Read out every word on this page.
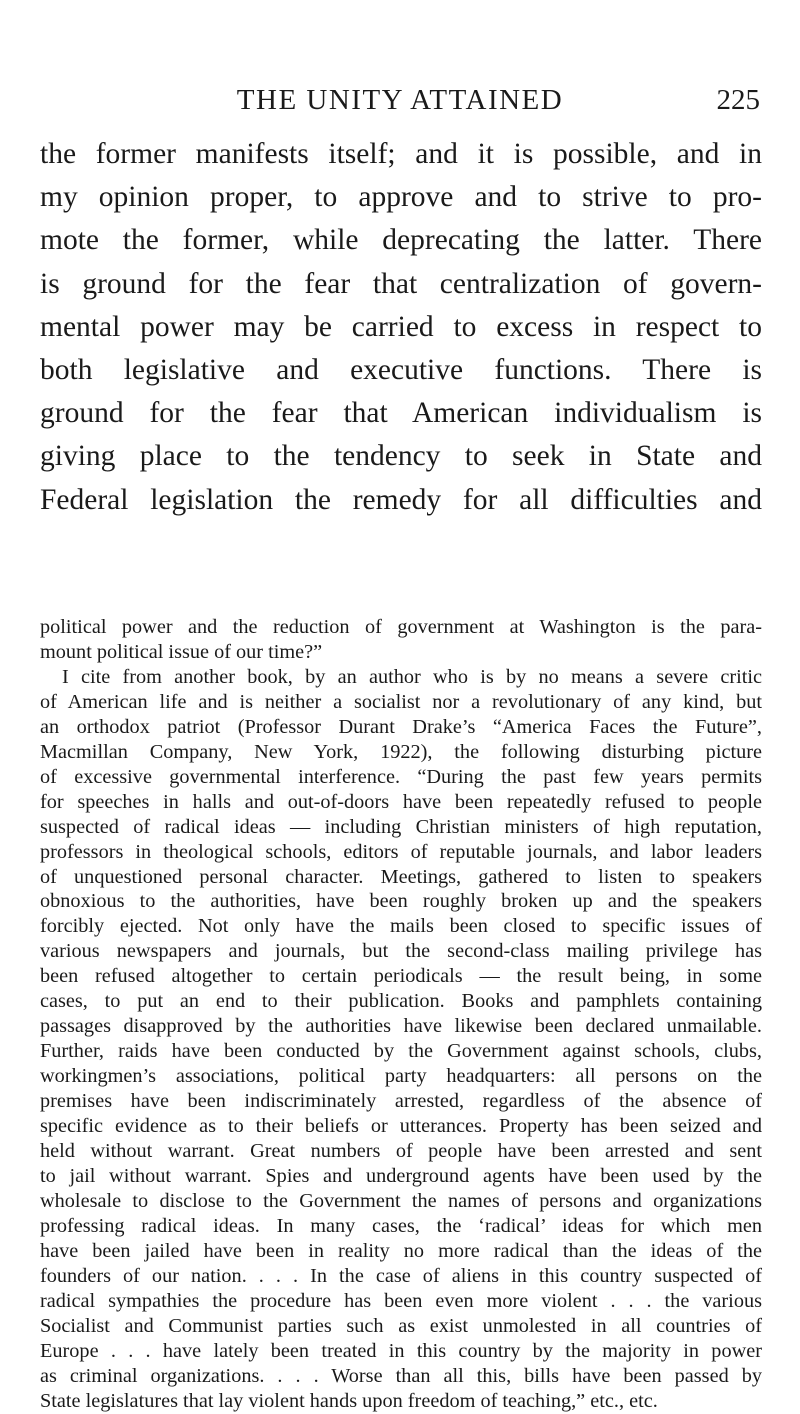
THE UNITY ATTAINED	225
the former manifests itself; and it is possible, and in
my opinion proper, to approve and to strive to pro-
mote the former, while deprecating the latter. There
is ground for the fear that centralization of govern-
mental power may be carried to excess in respect to
both legislative and executive functions. There is
ground for the fear that American individualism is
giving place to the tendency to seek in State and
Federal legislation the remedy for all difficulties and
political power and the reduction of government at Washington is the para-
mount political issue of our time?”
I cite from another book, by an author who is by no means a severe critic
of American life and is neither a socialist nor a revolutionary of any kind, but
an orthodox patriot (Professor Durant Drake’s “America Faces the Future”,
Macmillan Company, New York, 1922), the following disturbing picture
of excessive governmental interference. “During the past few years permits
for speeches in halls and out-of-doors have been repeatedly refused to people
suspected of radical ideas — including Christian ministers of high reputation,
professors in theological schools, editors of reputable journals, and labor leaders
of unquestioned personal character. Meetings, gathered to listen to speakers
obnoxious to the authorities, have been roughly broken up and the speakers
forcibly ejected. Not only have the mails been closed to specific issues of
various newspapers and journals, but the second-class mailing privilege has
been refused altogether to certain periodicals — the result being, in some
cases, to put an end to their publication. Books and pamphlets containing
passages disapproved by the authorities have likewise been declared unmailable.
Further, raids have been conducted by the Government against schools, clubs,
workingmen’s associations, political party headquarters: all persons on the
premises have been indiscriminately arrested, regardless of the absence of
specific evidence as to their beliefs or utterances. Property has been seized and
held without warrant. Great numbers of people have been arrested and sent
to jail without warrant. Spies and underground agents have been used by the
wholesale to disclose to the Government the names of persons and organizations
professing radical ideas. In many cases, the ‘radical’ ideas for which men
have been jailed have been in reality no more radical than the ideas of the
founders of our nation. . . . In the case of aliens in this country suspected of
radical sympathies the procedure has been even more violent . . . the various
Socialist and Communist parties such as exist unmolested in all countries of
Europe . . . have lately been treated in this country by the majority in power
as criminal organizations. . . . Worse than all this, bills have been passed by
State legislatures that lay violent hands upon freedom of teaching,” etc., etc.
